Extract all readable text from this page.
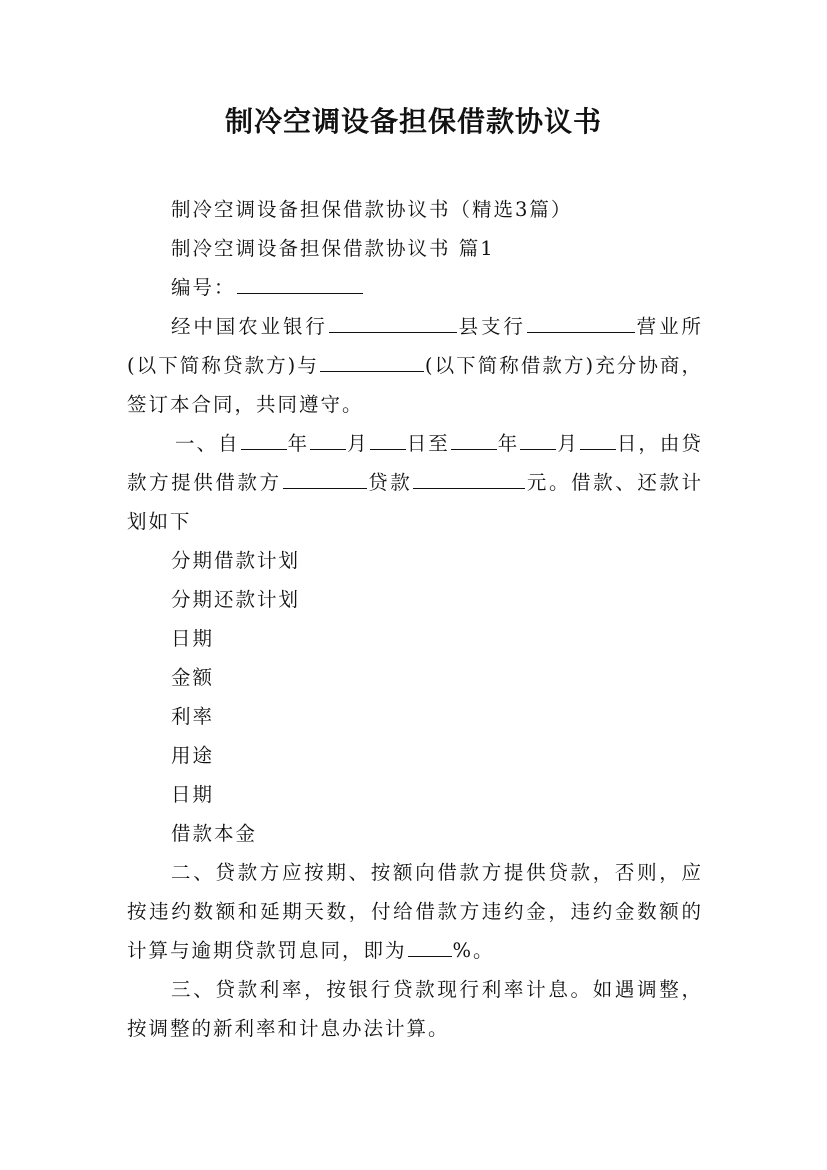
制冷空调设备担保借款协议书

制冷空调设备担保借款协议书（精选3篇）

制冷空调设备担保借款协议书 篇1

编号：

经中国农业银行	县支行	营业所(以下简称贷款方)与	(以下简称借款方)充分协商，签订本合同，共同遵守。

一、自 年 月 日至 年 月 日，由贷款方提供借款方	贷款	元。借款、还款计划如下

分期借款计划

分期还款计划

日期

金额

利率

用途

日期

借款本金

二、贷款方应按期、按额向借款方提供贷款，否则，应按违约数额和延期天数，付给借款方违约金，违约金数额的计算与逾期贷款罚息同，即为 %。

三、贷款利率，按银行贷款现行利率计息。如遇调整，按调整的新利率和计息办法计算。
